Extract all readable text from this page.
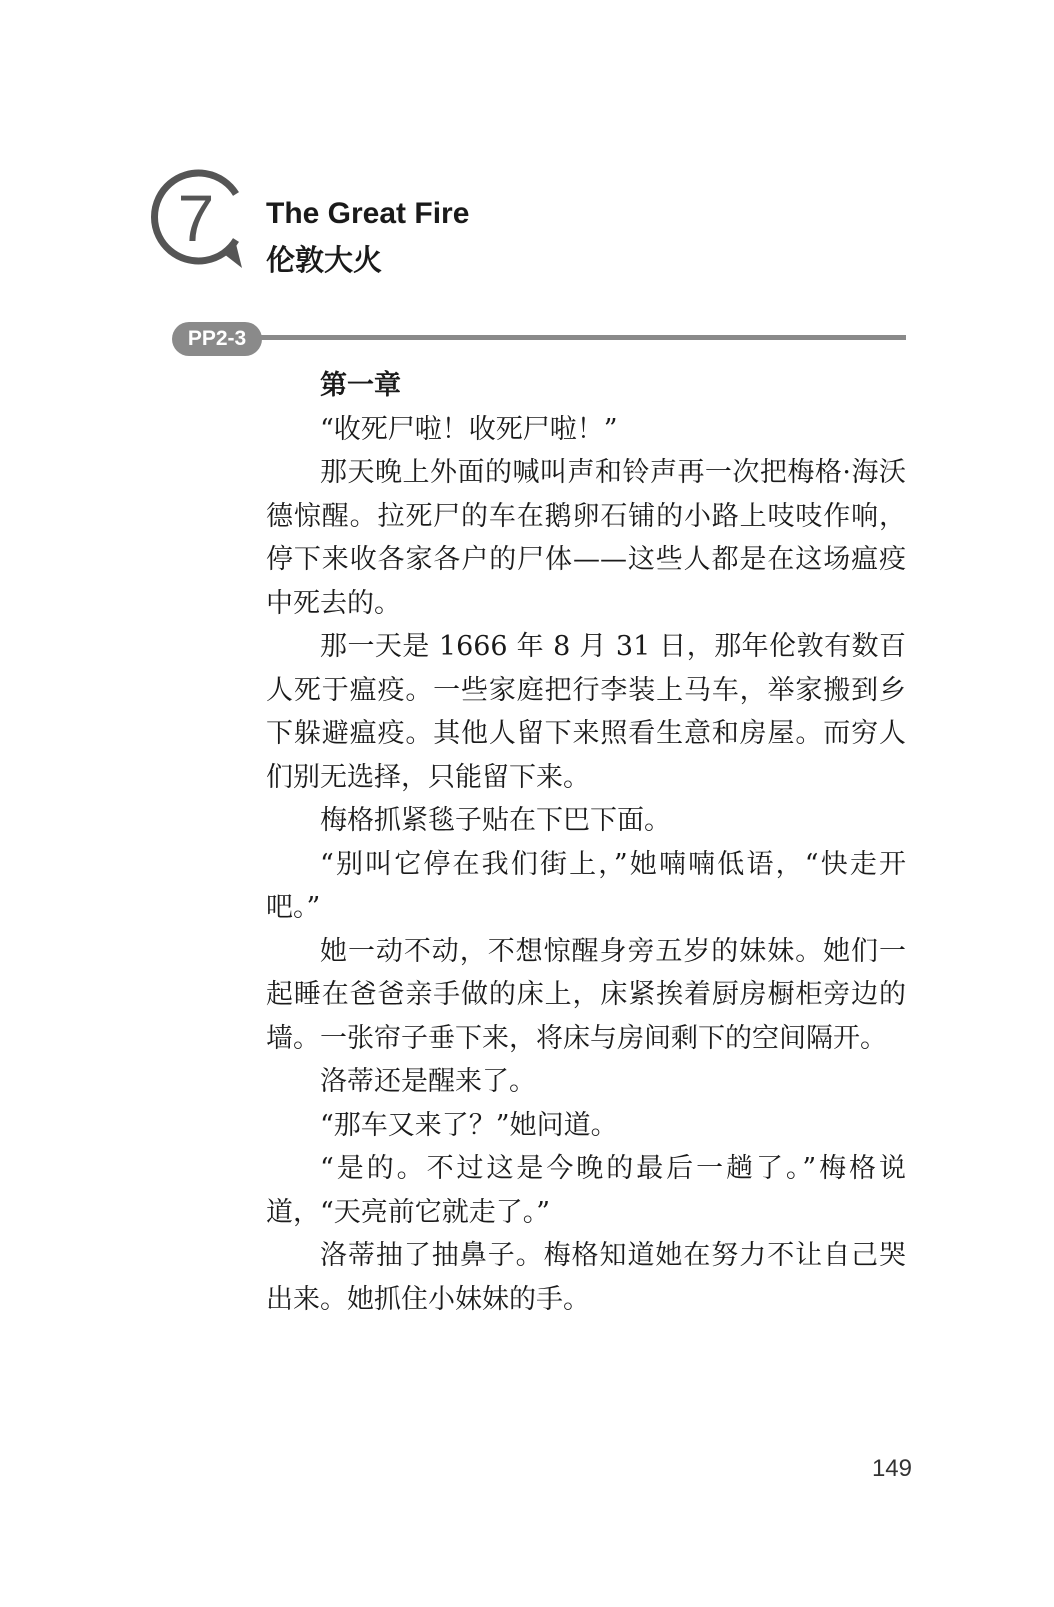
7	The Great Fire
伦敦大火
PP2-3

第一章

“收死尸啦！收死尸啦！”

那天晚上外面的喊叫声和铃声再一次把梅格·海沃德惊醒。拉死尸的车在鹅卵石铺的小路上吱吱作响，停下来收各家各户的尸体——这些人都是在这场瘟疫中死去的。

那一天是 1666 年 8 月 31 日，那年伦敦有数百人死于瘟疫。一些家庭把行李装上马车，举家搬到乡下躲避瘟疫。其他人留下来照看生意和房屋。而穷人们别无选择，只能留下来。

梅格抓紧毯子贴在下巴下面。

“别叫它停在我们街上，”她喃喃低语，“快走开吧。”

她一动不动，不想惊醒身旁五岁的妹妹。她们一起睡在爸爸亲手做的床上，床紧挨着厨房橱柜旁边的墙。一张帘子垂下来，将床与房间剩下的空间隔开。

洛蒂还是醒来了。

“那车又来了？”她问道。

“是的。不过这是今晚的最后一趟了。”梅格说道，“天亮前它就走了。”

洛蒂抽了抽鼻子。梅格知道她在努力不让自己哭出来。她抓住小妹妹的手。

149
